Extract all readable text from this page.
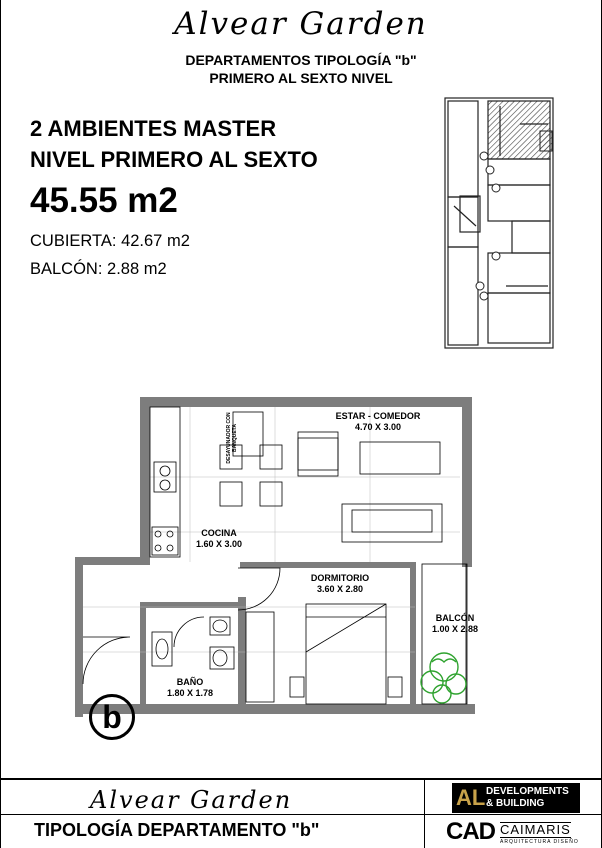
Alvear Garden
DEPARTAMENTOS TIPOLOGÍA "b"
PRIMERO AL SEXTO NIVEL
2 AMBIENTES MASTER
NIVEL PRIMERO AL SEXTO
45.55 m2
CUBIERTA: 42.67 m2
BALCÓN: 2.88 m2
ESTAR - COMEDOR
4.70 X 3.00
COCINA
1.60 X 3.00
DORMITORIO
3.60 X 2.80
BALCÓN
1.00 X 2.88
BAÑO
1.80 X 1.78
DESAYUNADOR CON BANQUETA
b
Alvear Garden
TIPOLOGÍA DEPARTAMENTO "b"
AL DEVELOPMENTS
& BUILDING
CAD CAIMARIS
ARQUITECTURA DISEÑO
